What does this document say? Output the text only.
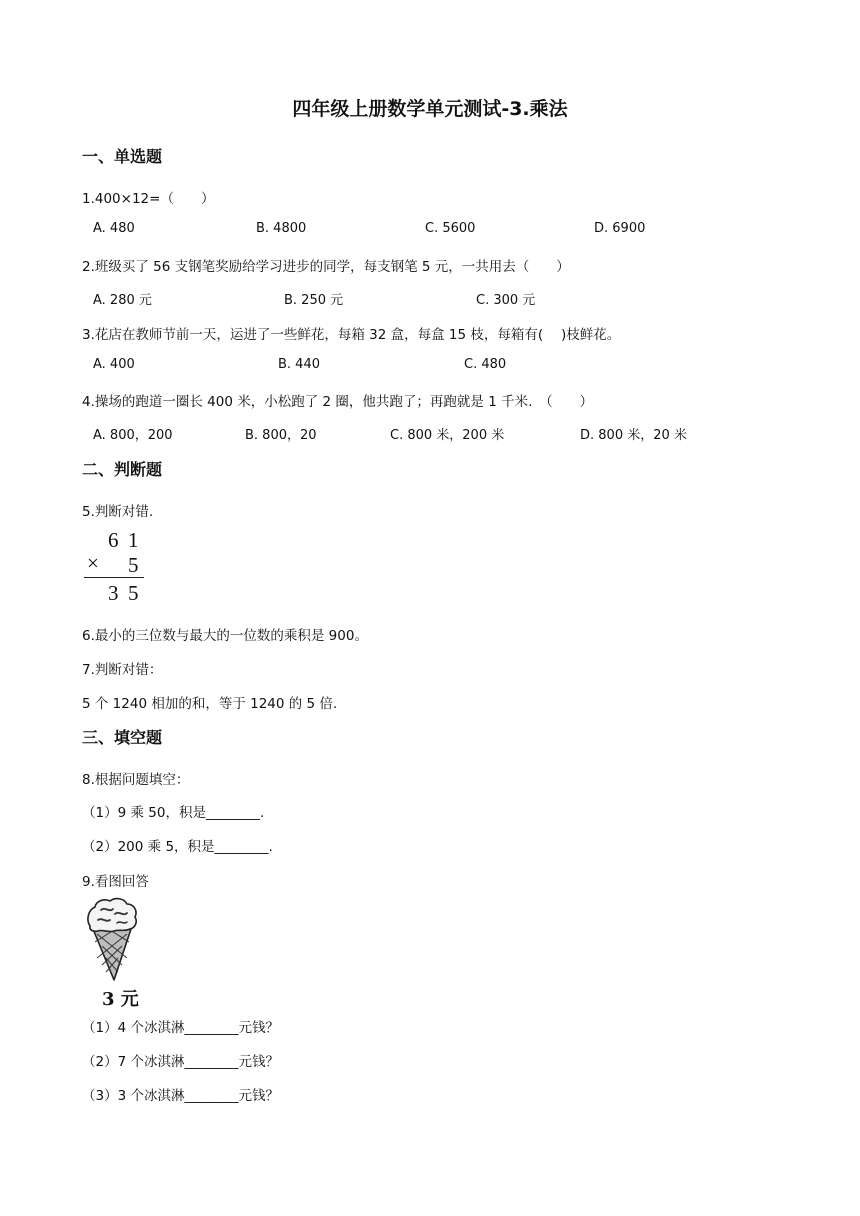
四年级上册数学单元测试-3.乘法
一、单选题
1.400×12=（　　）
A. 480	B. 4800	C. 5600	D. 6900
2.班级买了 56 支钢笔奖励给学习进步的同学，每支钢笔 5 元，一共用去（　　）
A. 280 元	B. 250 元	C. 300 元
3.花店在教师节前一天，运进了一些鲜花，每箱 32 盒，每盒 15 枝，每箱有(　 )枝鲜花。
A. 400	B. 440	C. 480
4.操场的跑道一圈长 400 米，小松跑了 2 圈，他共跑了；再跑就是 1 千米.　（　　）
A. 800，200	B. 800，20	C. 800 米，200 米	D. 800 米，20 米
二、判断题
5.判断对错.
6 1
× 5
3 5
6.最小的三位数与最大的一位数的乘积是 900。
7.判断对错：
5 个 1240 相加的和，等于 1240 的 5 倍.
三、填空题
8.根据问题填空：
（1）9 乘 50，积是________.
（2）200 乘 5，积是________.
9.看图回答
3 元
（1）4 个冰淇淋________元钱？
（2）7 个冰淇淋________元钱？
（3）3 个冰淇淋________元钱？
